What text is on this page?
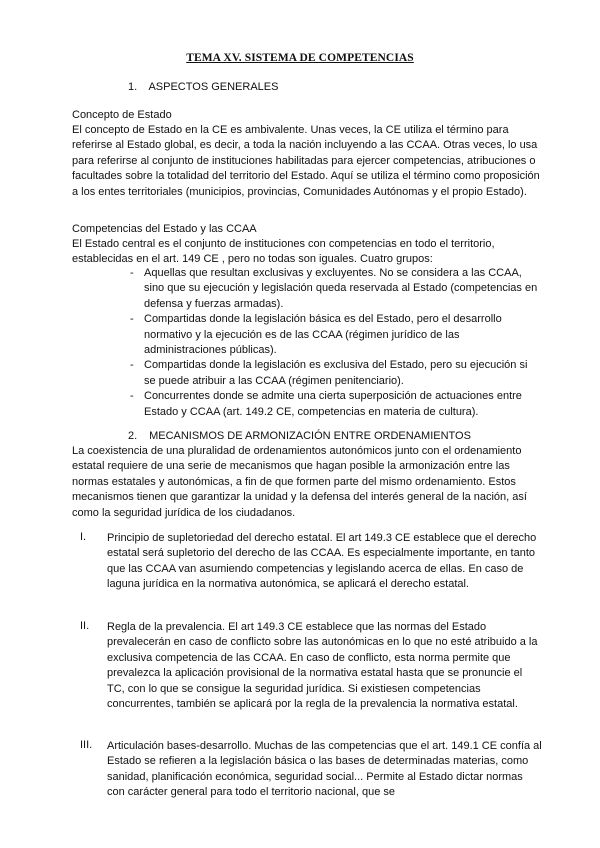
TEMA XV. SISTEMA DE COMPETENCIAS
1. ASPECTOS GENERALES
Concepto de Estado

El concepto de Estado en la CE es ambivalente. Unas veces, la CE utiliza el término para referirse al Estado global, es decir, a toda la nación incluyendo a las CCAA. Otras veces, lo usa para referirse al conjunto de instituciones habilitadas para ejercer competencias, atribuciones o facultades sobre la totalidad del territorio del Estado. Aquí se utiliza el término como proposición a los entes territoriales (municipios, provincias, Comunidades Autónomas y el propio Estado).

Competencias del Estado y las CCAA

El Estado central es el conjunto de instituciones con competencias en todo el territorio, establecidas en el art. 149 CE , pero no todas son iguales. Cuatro grupos:

- Aquellas que resultan exclusivas y excluyentes. No se considera a las CCAA, sino que su ejecución y legislación queda reservada al Estado (competencias en defensa y fuerzas armadas).
- Compartidas donde la legislación básica es del Estado, pero el desarrollo normativo y la ejecución es de las CCAA (régimen jurídico de las administraciones públicas).
- Compartidas donde la legislación es exclusiva del Estado, pero su ejecución si se puede atribuir a las CCAA (régimen penitenciario).
- Concurrentes donde se admite una cierta superposición de actuaciones entre Estado y CCAA (art. 149.2 CE, competencias en materia de cultura).
2. MECANISMOS DE ARMONIZACIÓN ENTRE ORDENAMIENTOS

La coexistencia de una pluralidad de ordenamientos autonómicos junto con el ordenamiento estatal requiere de una serie de mecanismos que hagan posible la armonización entre las normas estatales y autonómicas, a fin de que formen parte del mismo ordenamiento. Estos mecanismos tienen que garantizar la unidad y la defensa del interés general de la nación, así como la seguridad jurídica de los ciudadanos.

I. Principio de supletoriedad del derecho estatal. El art 149.3 CE establece que el derecho estatal será supletorio del derecho de las CCAA. Es especialmente importante, en tanto que las CCAA van asumiendo competencias y legislando acerca de ellas. En caso de laguna jurídica en la normativa autonómica, se aplicará el derecho estatal.
II. Regla de la prevalencia. El art 149.3 CE establece que las normas del Estado prevalecerán en caso de conflicto sobre las autonómicas en lo que no esté atribuido a la exclusiva competencia de las CCAA. En caso de conflicto, esta norma permite que prevalezca la aplicación provisional de la normativa estatal hasta que se pronuncie el TC, con lo que se consigue la seguridad jurídica. Si existiesen competencias concurrentes, también se aplicará por la regla de la prevalencia la normativa estatal.
III. Articulación bases-desarrollo. Muchas de las competencias que el art. 149.1 CE confía al Estado se refieren a la legislación básica o las bases de determinadas materias, como sanidad, planificación económica, seguridad social... Permite al Estado dictar normas con carácter general para todo el territorio nacional, que se
